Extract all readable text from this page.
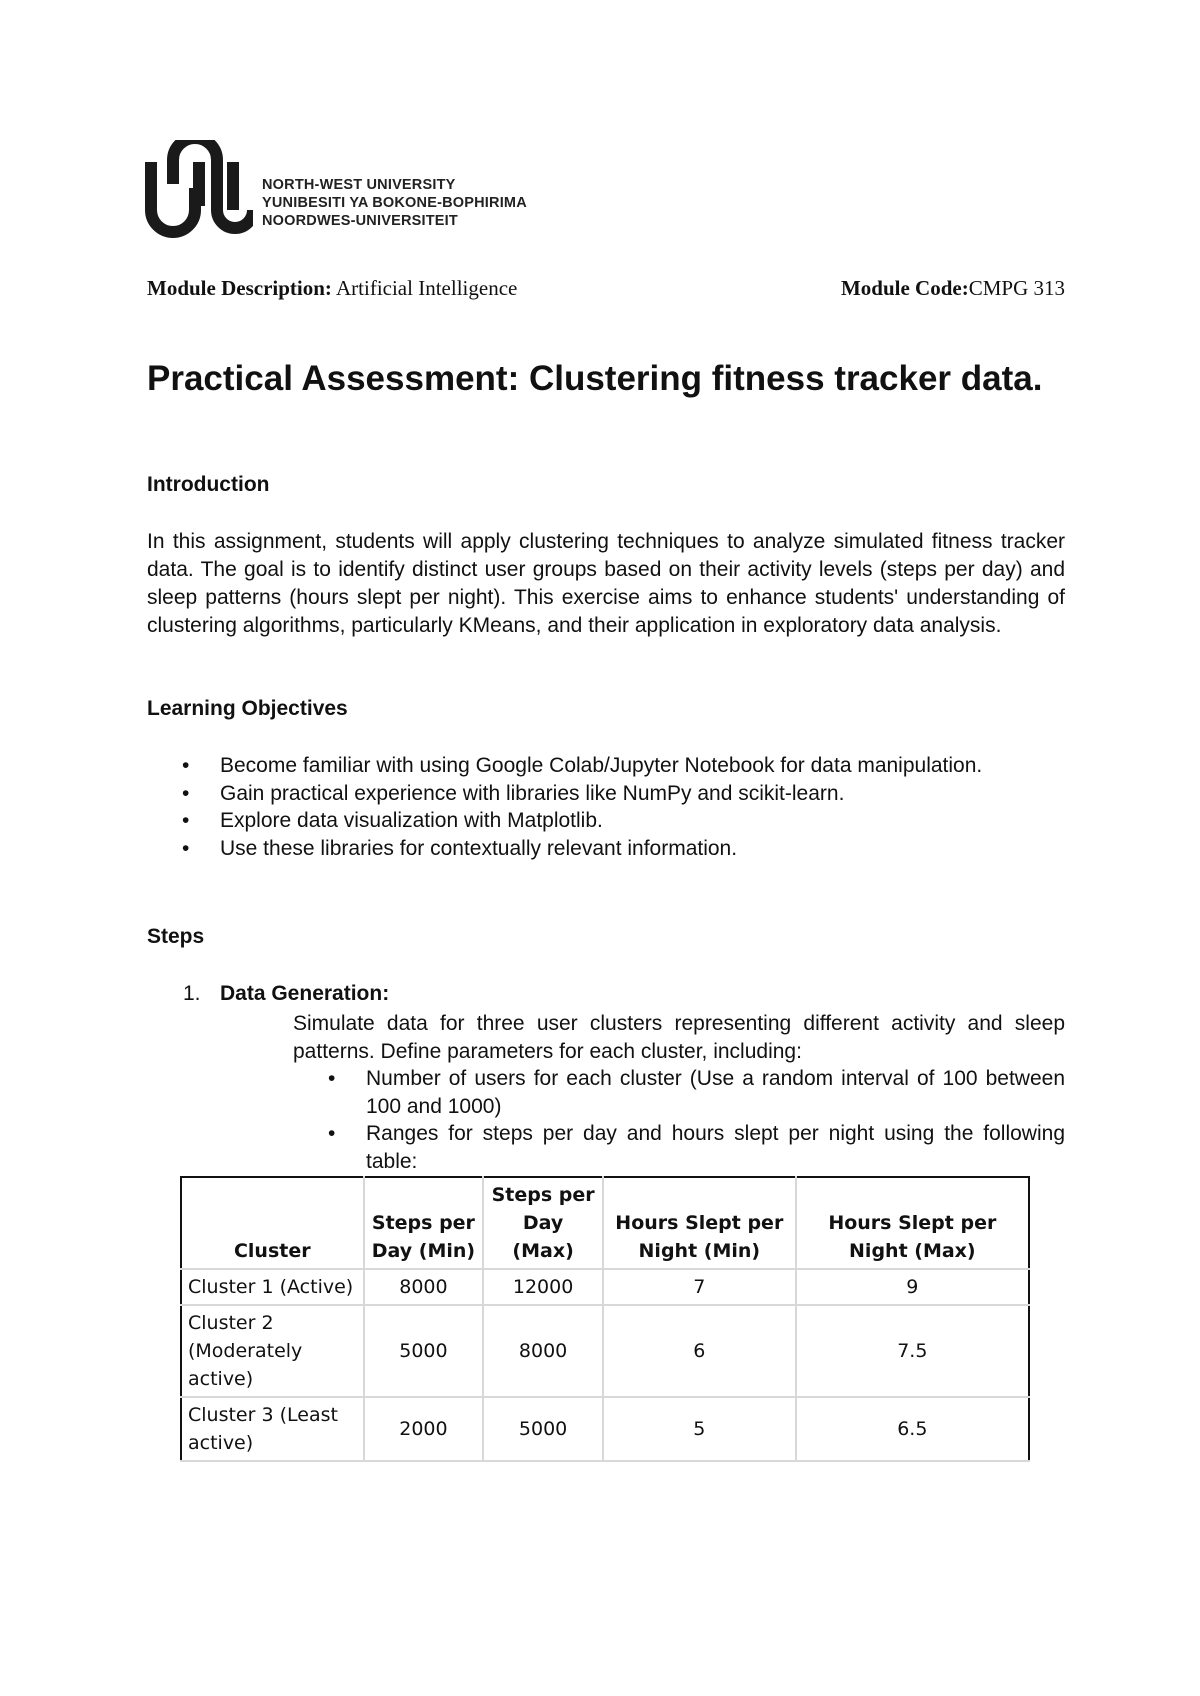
NORTH-WEST UNIVERSITY
YUNIBESITI YA BOKONE-BOPHIRIMA
NOORDWES-UNIVERSITEIT
Module Description: Artificial Intelligence	Module Code:CMPG 313
Practical Assessment: Clustering fitness tracker data.
Introduction
In this assignment, students will apply clustering techniques to analyze simulated fitness tracker data. The goal is to identify distinct user groups based on their activity levels (steps per day) and sleep patterns (hours slept per night). This exercise aims to enhance students' understanding of clustering algorithms, particularly KMeans, and their application in exploratory data analysis.
Learning Objectives
• Become familiar with using Google Colab/Jupyter Notebook for data manipulation.
• Gain practical experience with libraries like NumPy and scikit-learn.
• Explore data visualization with Matplotlib.
• Use these libraries for contextually relevant information.
Steps
1. Data Generation:
Simulate data for three user clusters representing different activity and sleep patterns. Define parameters for each cluster, including:
• Number of users for each cluster (Use a random interval of 100 between 100 and 1000)
• Ranges for steps per day and hours slept per night using the following table:
Cluster	Steps per Day (Min)	Steps per Day (Max)	Hours Slept per Night (Min)	Hours Slept per Night (Max)
Cluster 1 (Active)	8000	12000	7	9
Cluster 2 (Moderately active)	5000	8000	6	7.5
Cluster 3 (Least active)	2000	5000	5	6.5
